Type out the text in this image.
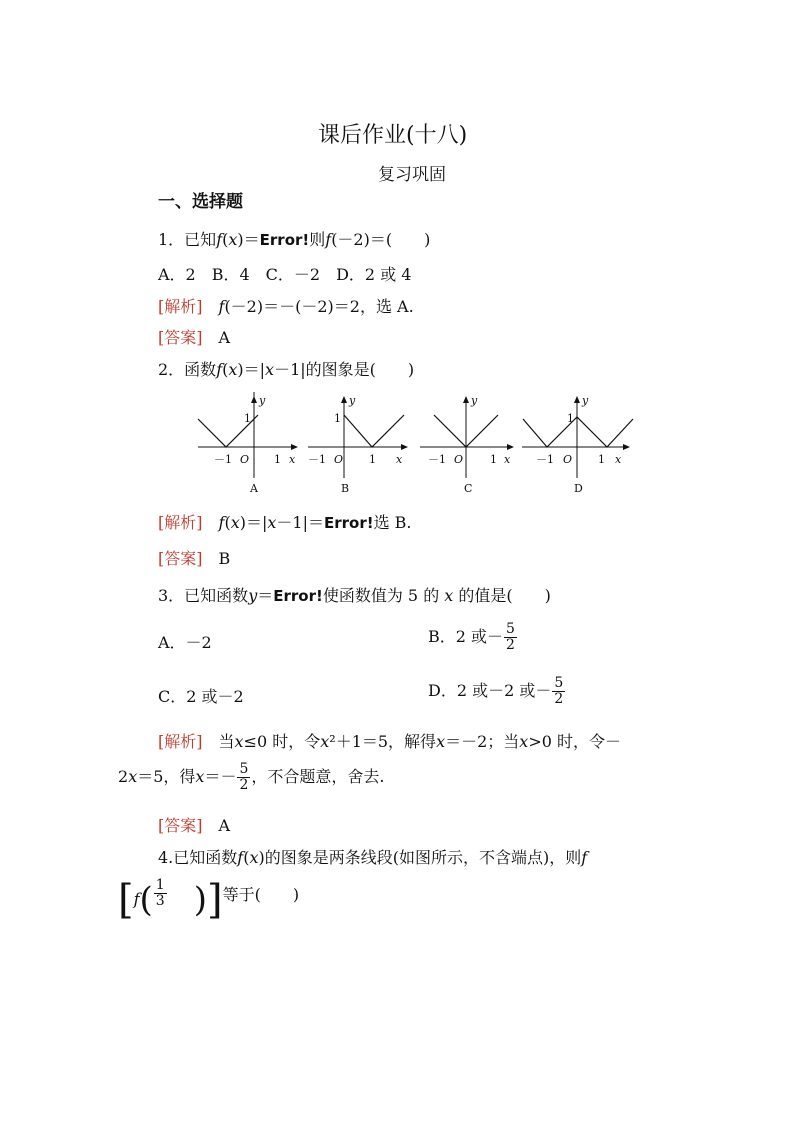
课后作业(十八)
复习巩固
一、选择题
1．已知f(x)＝Error!则f(－2)＝(　　)
A．2　B．4　C．－2　D．2 或 4
[解析]　 f(－2)＝－(－2)＝2，选 A.
[答案]　 A
2．函数f(x)＝|x－1|的图象是(　　)
1
y
－1 O 1 x
A
1
y
－1 O 1 x
B
y
－1 O 1 x
C
1
y
－1 O 1 x
D
[解析]　 f(x)＝|x－1|＝Error!选 B.
[答案]　 B
3．已知函数y＝Error!使函数值为 5 的 x 的值是(　　)
A．－2	B．2 或－ $\frac{5}{2}$
C．2 或－2	D．2 或－2 或－ $\frac{5}{2}$
[解析]　 当x≤0 时，令x²＋1＝5，解得x＝－2；当x>0 时，令－
2x＝5，得$x=- \frac{5}{2}$ ，不合题意，舍去.
[答案]　 A
4.已知函数f(x)的图象是两条线段(如图所示，不含端点)，则f
[$f( \frac{1}{3}$ )]等于(　　)
